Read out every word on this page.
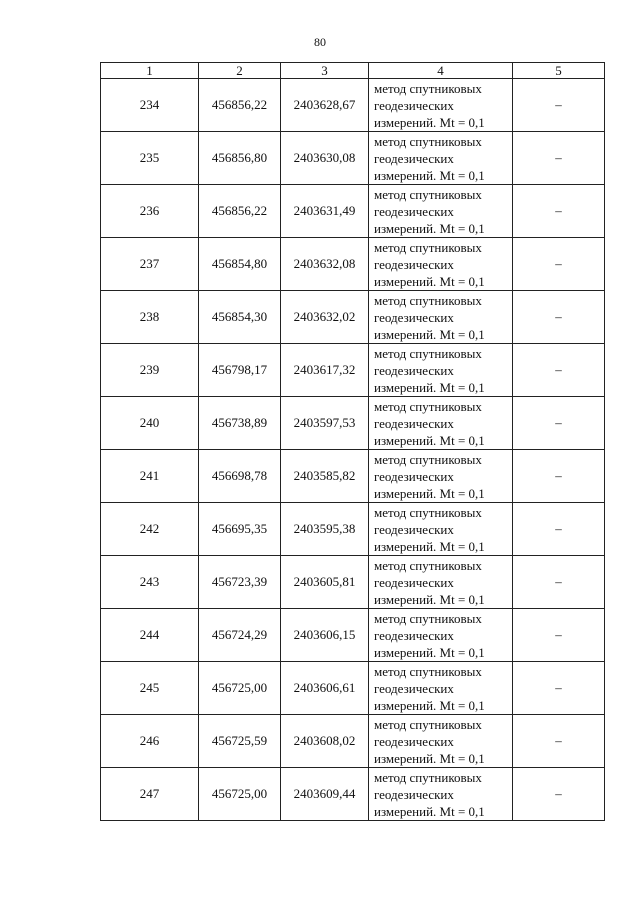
80
1	2	3	4	5
234	456856,22	2403628,67	метод спутниковых
геодезических
измерений. Mt = 0,1	–
235	456856,80	2403630,08	метод спутниковых
геодезических
измерений. Mt = 0,1	–
236	456856,22	2403631,49	метод спутниковых
геодезических
измерений. Mt = 0,1	–
237	456854,80	2403632,08	метод спутниковых
геодезических
измерений. Mt = 0,1	–
238	456854,30	2403632,02	метод спутниковых
геодезических
измерений. Mt = 0,1	–
239	456798,17	2403617,32	метод спутниковых
геодезических
измерений. Mt = 0,1	–
240	456738,89	2403597,53	метод спутниковых
геодезических
измерений. Mt = 0,1	–
241	456698,78	2403585,82	метод спутниковых
геодезических
измерений. Mt = 0,1	–
242	456695,35	2403595,38	метод спутниковых
геодезических
измерений. Mt = 0,1	–
243	456723,39	2403605,81	метод спутниковых
геодезических
измерений. Mt = 0,1	–
244	456724,29	2403606,15	метод спутниковых
геодезических
измерений. Mt = 0,1	–
245	456725,00	2403606,61	метод спутниковых
геодезических
измерений. Mt = 0,1	–
246	456725,59	2403608,02	метод спутниковых
геодезических
измерений. Mt = 0,1	–
247	456725,00	2403609,44	метод спутниковых
геодезических
измерений. Mt = 0,1	–
